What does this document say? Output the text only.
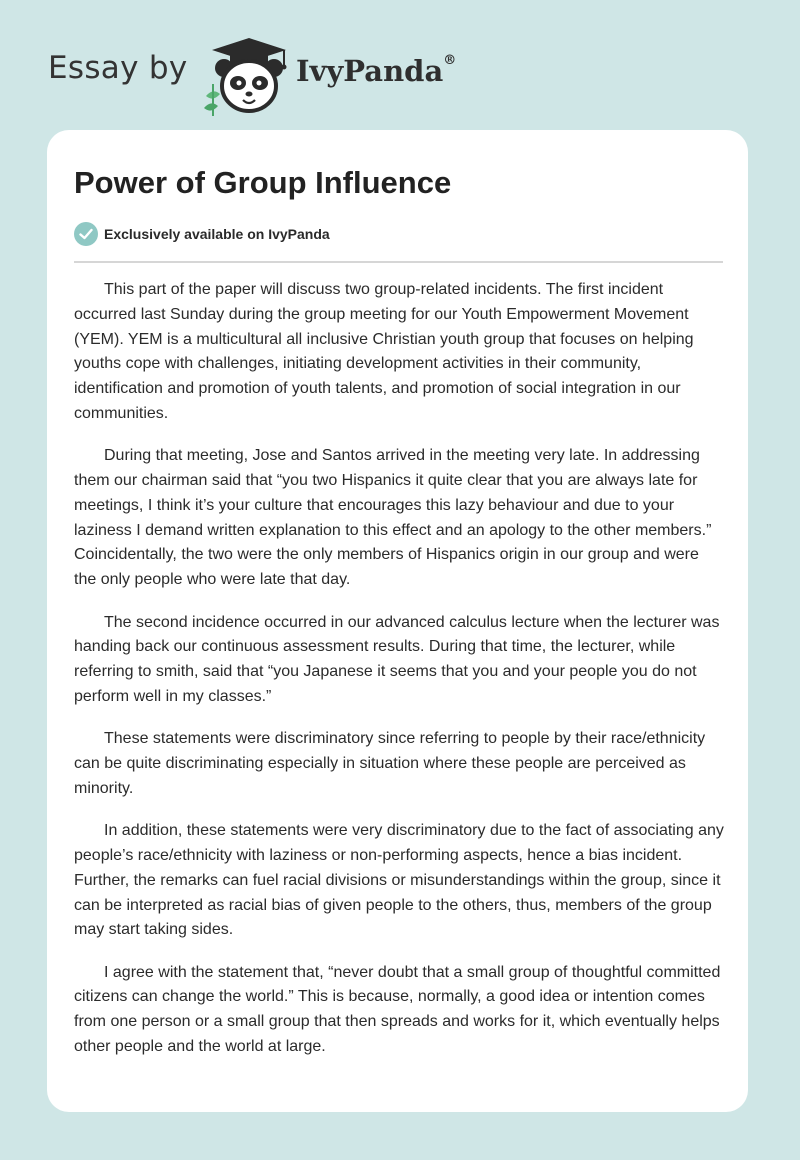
Essay by	IvyPanda®
Power of Group Influence
Exclusively available on IvyPanda

This part of the paper will discuss two group-related incidents. The first incident occurred last Sunday during the group meeting for our Youth Empowerment Movement (YEM). YEM is a multicultural all inclusive Christian youth group that focuses on helping youths cope with challenges, initiating development activities in their community, identification and promotion of youth talents, and promotion of social integration in our communities.

During that meeting, Jose and Santos arrived in the meeting very late. In addressing them our chairman said that “you two Hispanics it quite clear that you are always late for meetings, I think it’s your culture that encourages this lazy behaviour and due to your laziness I demand written explanation to this effect and an apology to the other members.” Coincidentally, the two were the only members of Hispanics origin in our group and were the only people who were late that day.

The second incidence occurred in our advanced calculus lecture when the lecturer was handing back our continuous assessment results. During that time, the lecturer, while referring to smith, said that “you Japanese it seems that you and your people you do not perform well in my classes.”

These statements were discriminatory since referring to people by their race/ethnicity can be quite discriminating especially in situation where these people are perceived as minority.

In addition, these statements were very discriminatory due to the fact of associating any people’s race/ethnicity with laziness or non-performing aspects, hence a bias incident. Further, the remarks can fuel racial divisions or misunderstandings within the group, since it can be interpreted as racial bias of given people to the others, thus, members of the group may start taking sides.

I agree with the statement that, “never doubt that a small group of thoughtful committed citizens can change the world.” This is because, normally, a good idea or intention comes from one person or a small group that then spreads and works for it, which eventually helps other people and the world at large.
